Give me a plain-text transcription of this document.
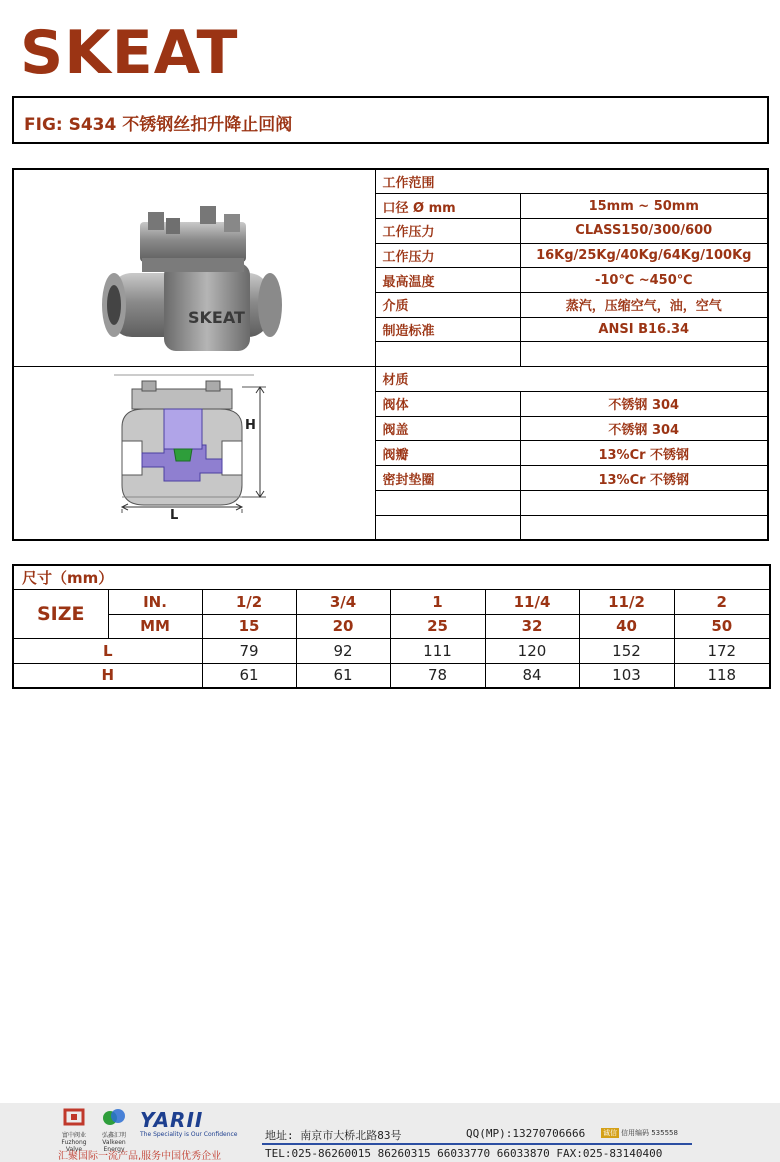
SKEAT
FIG: S434 不锈钢丝扣升降止回阀
SKEAT	工作范围	
	口径 Ø mm	15mm ~ 50mm
	工作压力	CLASS150/300/600
	工作压力	16Kg/25Kg/40Kg/64Kg/100Kg
	最高温度	-10℃ ~450℃
	介质	蒸汽，压缩空气，油，空气
	制造标准	ANSI B16.34

H
L	材质	
	阀体	不锈钢 304
	阀盖	不锈钢 304
	阀瓣	13%Cr 不锈钢
	密封垫圈	13%Cr 不锈钢

尺寸（mm）							
SIZE	IN.	1/2	3/4	1	11/4	11/2	2
	MM	15	20	25	32	40	50
L		79	92	111	120	152	172
H		61	61	78	84	103	118
富中阀业
Fuzhong Valve
弘鑫汇明
Valkeen Energy
YARII
The Speciality is Our Confidence
汇聚国际一流产品,服务中国优秀企业
地址: 南京市大桥北路83号	QQ(MP):13270706666	诚信 信用编码 535558
TEL:025-86260015 86260315 66033770 66033870 FAX:025-83140400
